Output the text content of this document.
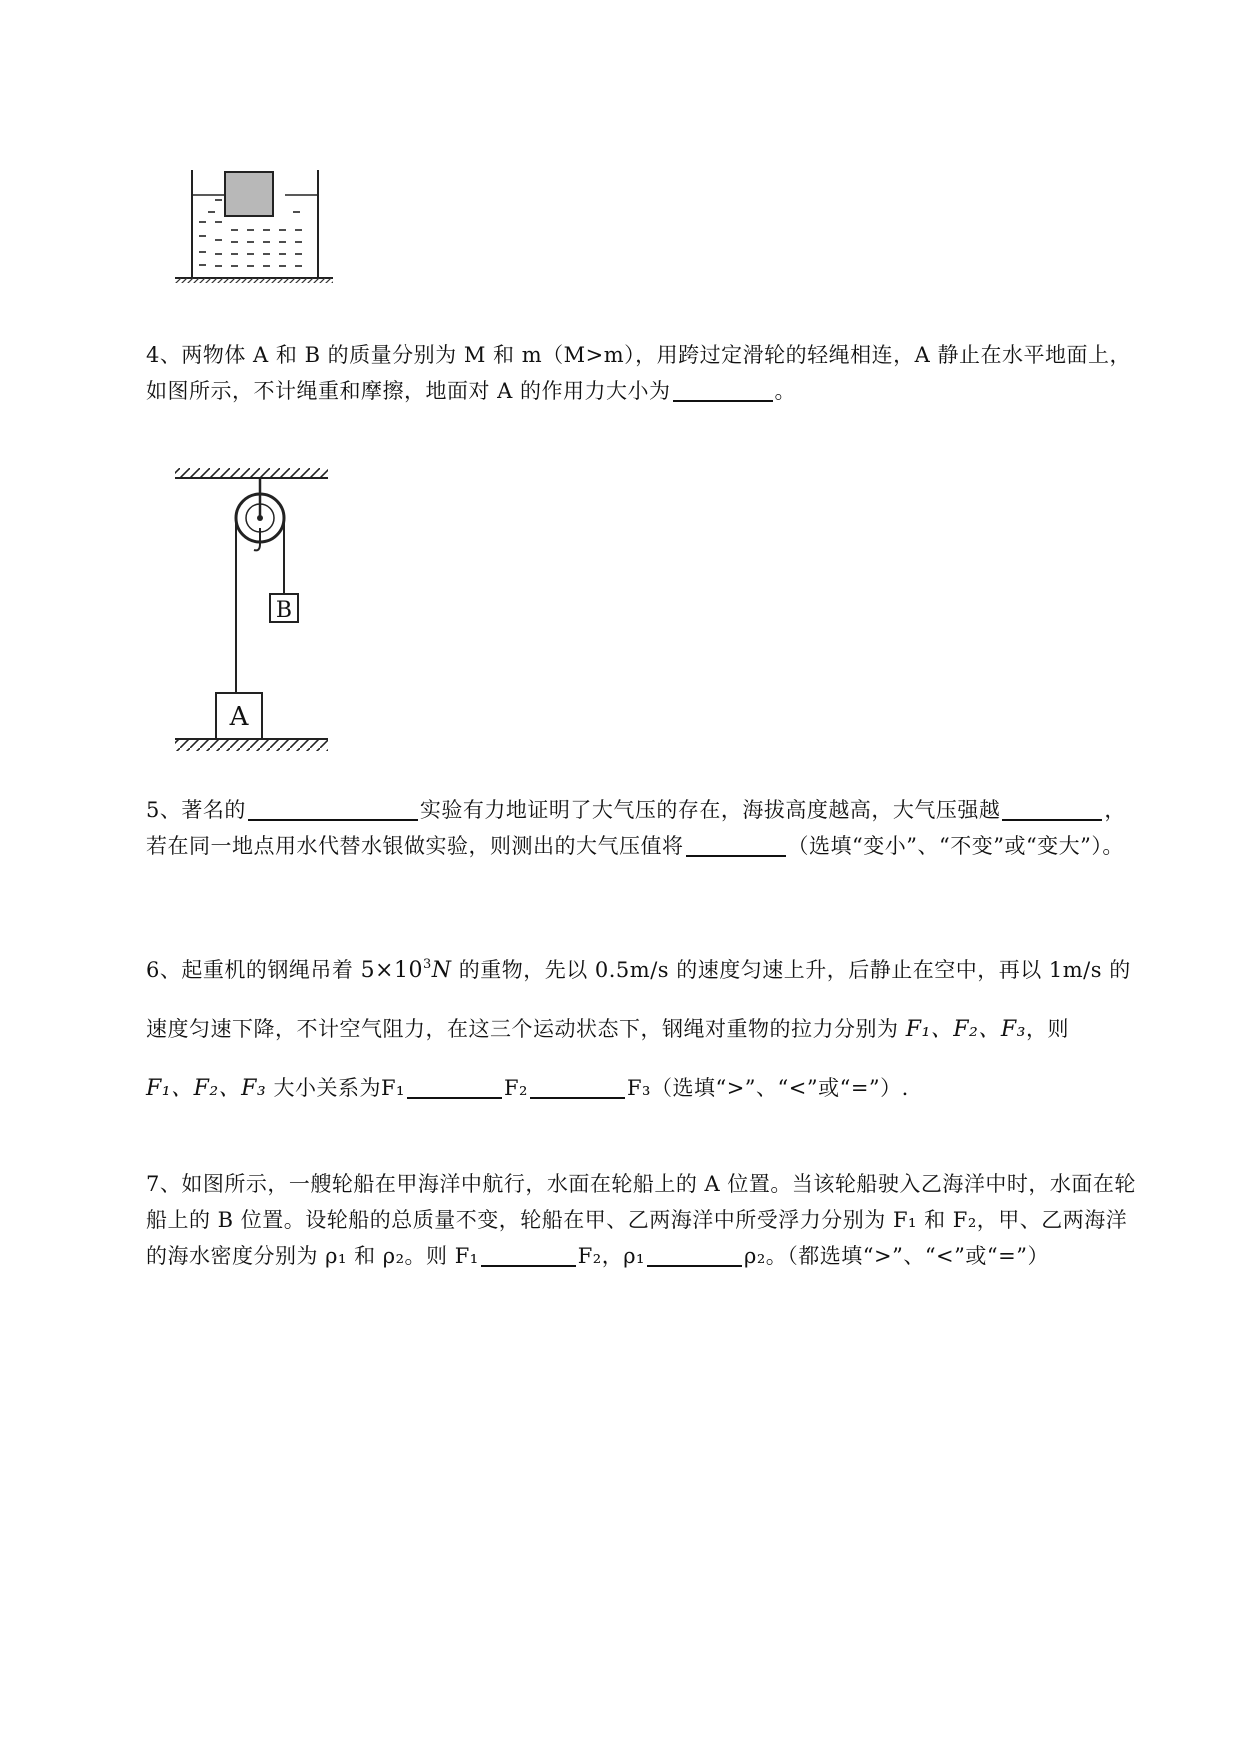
4、两物体 A 和 B 的质量分别为 M 和 m（M>m），用跨过定滑轮的轻绳相连，A 静止在水平地面上，如图所示，不计绳重和摩擦，地面对 A 的作用力大小为	。
B
A
5、著名的	实验有力地证明了大气压的存在，海拔高度越高，大气压强越	，若在同一地点用水代替水银做实验，则测出的大气压值将	（选填“变小”、“不变”或“变大”）。
6、起重机的钢绳吊着 $5\times 10^3N$ 的重物，先以 0.5m/s 的速度匀速上升，后静止在空中，再以 1m/s 的速度匀速下降，不计空气阻力，在这三个运动状态下，钢绳对重物的拉力分别为 F₁、F₂、F₃，则
F₁、F₂、F₃ 大小关系为F₁	F₂	F₃（选填“>”、“<”或“=”）.
7、如图所示，一艘轮船在甲海洋中航行，水面在轮船上的 A 位置。当该轮船驶入乙海洋中时，水面在轮船上的 B 位置。设轮船的总质量不变，轮船在甲、乙两海洋中所受浮力分别为 F₁ 和 F₂，甲、乙两海洋的海水密度分别为 ρ₁ 和 ρ₂。则 F₁	F₂，ρ₁	ρ₂。（都选填“>”、“<”或“=”）
